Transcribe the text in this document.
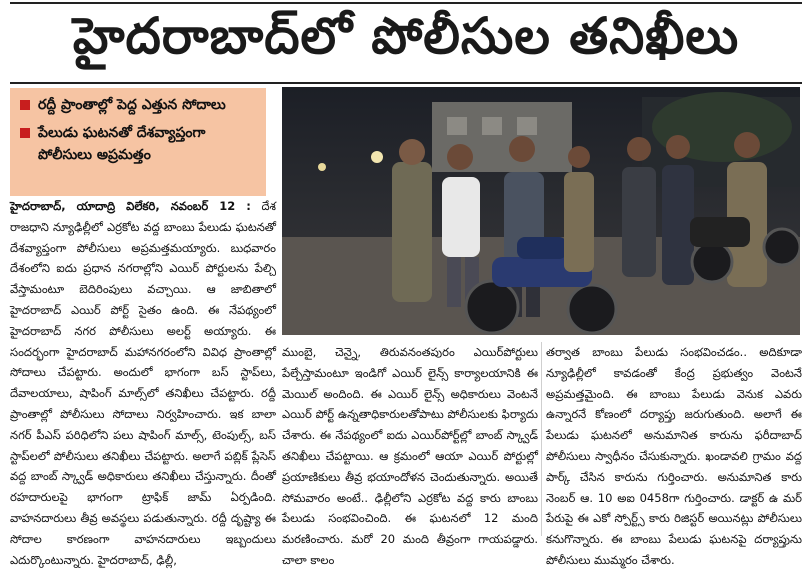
హైదరాబాద్‌లో పోలీసుల తనిఖీలు
రద్దీ ప్రాంతాల్లో పెద్ద ఎత్తున సోదాలు
పేలుడు ఘటనతో దేశవ్యాప్తంగా పోలీసులు అప్రమత్తం

హైదరాబాద్, యాదాద్రి విలేకరి, నవంబర్ 12 : దేశ రాజధాని న్యూఢిల్లీలో ఎర్రకోట వద్ద బాంబు పేలుడు ఘటనతో దేశవ్యాప్తంగా పోలీసులు అప్రమత్తమయ్యారు. బుధవారం దేశంలోని ఐదు ప్రధాన నగరాల్లోని ఎయిర్ పోర్టులను పేల్చి వేస్తామంటూ బెదిరింపులు వచ్చాయి. ఆ జాబితాలో హైదరాబాద్ ఎయిర్ పోర్ట్ సైతం ఉంది. ఈ నేపథ్యంలో హైదరాబాద్ నగర పోలీసులు అలర్ట్ అయ్యారు. ఈ సందర్భంగా హైదరాబాద్ మహానగరంలోని వివిధ ప్రాంతాల్లో సోదాలు చేపట్టారు. అందులో భాగంగా బస్ స్టాప్‌లు, దేవాలయాలు, షాపింగ్ మాల్స్‌లో తనిఖీలు చేపట్టారు. రద్దీ ప్రాంతాల్లో పోలీసులు సోదాలు నిర్వహించారు. ఇక బాలా నగర్ పీఎస్ పరిధిలోని పలు షాపింగ్ మాల్స్, టెంపుల్స్, బస్ స్టాప్‌లలో పోలీసులు తనిఖీలు చేపట్టారు. అలాగే పబ్లిక్ ప్లేసెస్ వద్ద బాంబ్ స్క్వాడ్ అధికారులు తనిఖీలు చేస్తున్నారు. దీంతో రహదారులపై భాగంగా ట్రాఫిక్ జామ్ ఏర్పడింది. వాహనదారులు తీవ్ర అవస్థలు పడుతున్నారు. రద్దీ దృష్ట్యా ఈ సోదాల కారణంగా వాహనదారులు ఇబ్బందులు ఎదుర్కొంటున్నారు. హైదరాబాద్, ఢిల్లీ,

ముంబై, చెన్నై, తిరువనంతపురం ఎయిర్‌పోర్టులు పేల్చేస్తామంటూ ఇండిగో ఎయిర్ లైన్స్ కార్యాలయానికి ఈ మెయిల్ అందింది. ఈ ఎయిర్ లైన్స్ అధికారులు వెంటనే ఎయిర్ పోర్ట్ ఉన్నతాధికారులతోపాటు పోలీసులకు ఫిర్యాదు చేశారు. ఈ నేపథ్యంలో ఐదు ఎయిర్‌పోర్ట్‌ల్లో బాంబ్ స్క్వాడ్ తనిఖీలు చేపట్టాయి. ఆ క్రమంలో ఆయా ఎయిర్ పోర్టుల్లో ప్రయాణికులు తీవ్ర భయాందోళన చెందుతున్నారు. అయితే సోమవారం అంటే.. ఢిల్లీలోని ఎర్రకోట వద్ద కారు బాంబు పేలుడు సంభవించింది. ఈ ఘటనలో 12 మంది మరణించారు. మరో 20 మంది తీవ్రంగా గాయపడ్డారు. చాలా కాలం

తర్వాత బాంబు పేలుడు సంభవించడం.. అదికూడా న్యూఢిల్లీలో కావడంతో కేంద్ర ప్రభుత్వం వెంటనే అప్రమత్తమైంది. ఈ బాంబు పేలుడు వెనుక ఎవరు ఉన్నారనే కోణంలో దర్యాప్తు జరుగుతుంది. అలాగే ఈ పేలుడు ఘటనలో అనుమానిత కారును ఫరీదాబాద్ పోలీసులు స్వాధీనం చేసుకున్నారు. ఖండావలి గ్రామం వద్ద పార్క్ చేసిన కారును గుర్తించారు. అనుమానిత కారు నెంబర్ ఆ. 10 అఐ 0458గా గుర్తించారు. డాక్టర్ ఉ మర్ పేరుపై ఈ ఎకో స్పోర్ట్స్ కారు రిజిస్టర్ అయినట్లు పోలీసులు కనుగొన్నారు. ఈ బాంబు పేలుడు ఘటనపై దర్యాప్తును పోలీసులు ముమ్మరం చేశారు.
